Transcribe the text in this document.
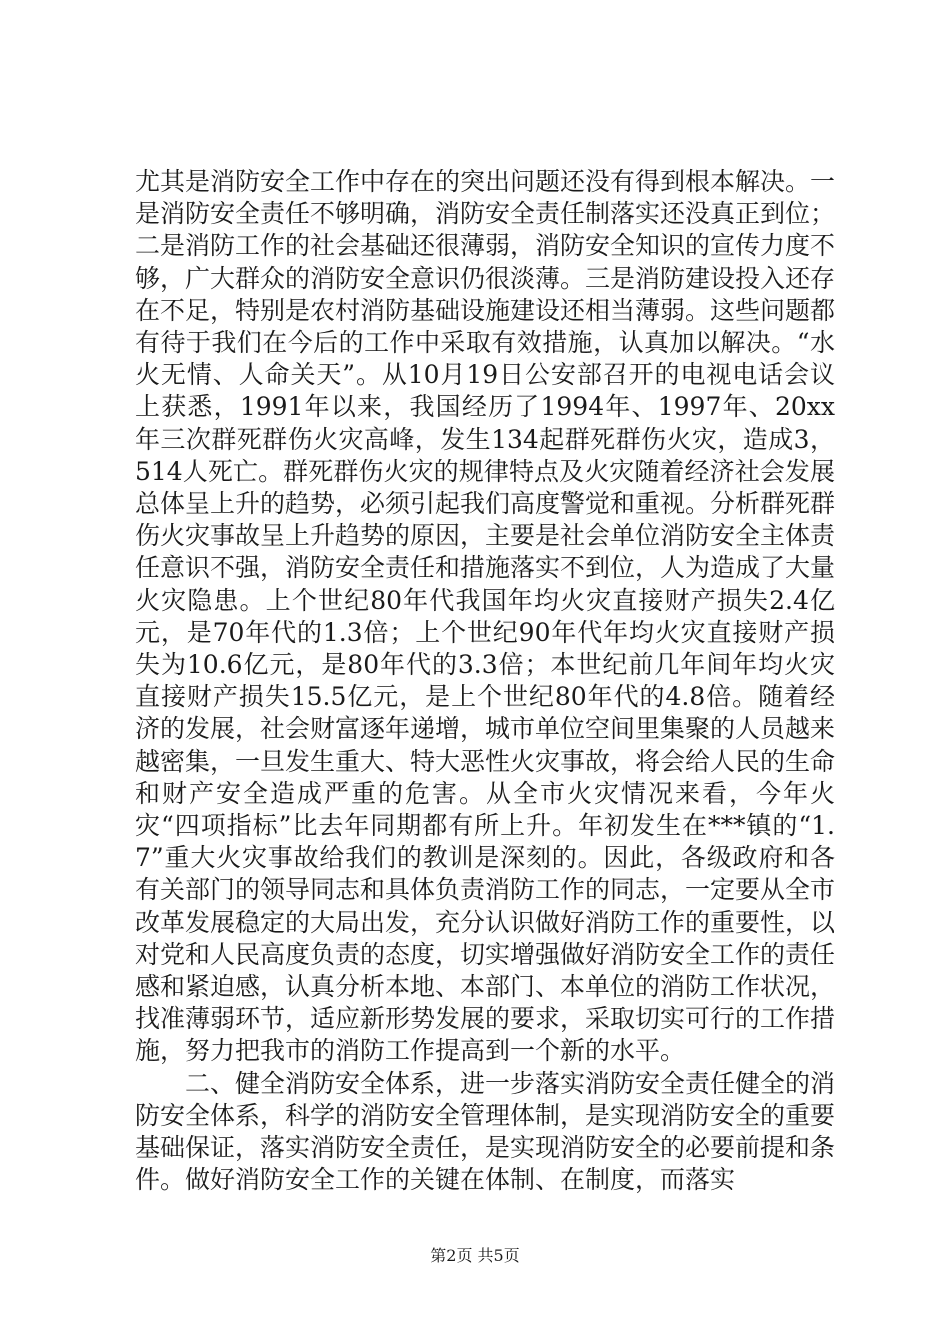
尤其是消防安全工作中存在的突出问题还没有得到根本解决。一是消防安全责任不够明确，消防安全责任制落实还没真正到位；二是消防工作的社会基础还很薄弱，消防安全知识的宣传力度不够，广大群众的消防安全意识仍很淡薄。三是消防建设投入还存在不足，特别是农村消防基础设施建设还相当薄弱。这些问题都有待于我们在今后的工作中采取有效措施，认真加以解决。“水火无情、人命关天”。从10月19日公安部召开的电视电话会议上获悉，1991年以来，我国经历了1994年、1997年、20xx年三次群死群伤火灾高峰，发生134起群死群伤火灾，造成3，514人死亡。群死群伤火灾的规律特点及火灾随着经济社会发展总体呈上升的趋势，必须引起我们高度警觉和重视。分析群死群伤火灾事故呈上升趋势的原因，主要是社会单位消防安全主体责任意识不强，消防安全责任和措施落实不到位，人为造成了大量火灾隐患。上个世纪80年代我国年均火灾直接财产损失2.4亿元，是70年代的1.3倍；上个世纪90年代年均火灾直接财产损失为10.6亿元，是80年代的3.3倍；本世纪前几年间年均火灾直接财产损失15.5亿元，是上个世纪80年代的4.8倍。随着经济的发展，社会财富逐年递增，城市单位空间里集聚的人员越来越密集，一旦发生重大、特大恶性火灾事故，将会给人民的生命和财产安全造成严重的危害。从全市火灾情况来看，今年火灾“四项指标”比去年同期都有所上升。年初发生在***镇的“1.7”重大火灾事故给我们的教训是深刻的。因此，各级政府和各有关部门的领导同志和具体负责消防工作的同志，一定要从全市改革发展稳定的大局出发，充分认识做好消防工作的重要性，以对党和人民高度负责的态度，切实增强做好消防安全工作的责任感和紧迫感，认真分析本地、本部门、本单位的消防工作状况，找准薄弱环节，适应新形势发展的要求，采取切实可行的工作措施，努力把我市的消防工作提高到一个新的水平。

二、健全消防安全体系，进一步落实消防安全责任健全的消防安全体系，科学的消防安全管理体制，是实现消防安全的重要基础保证，落实消防安全责任，是实现消防安全的必要前提和条件。做好消防安全工作的关键在体制、在制度，而落实

第2页 共5页
